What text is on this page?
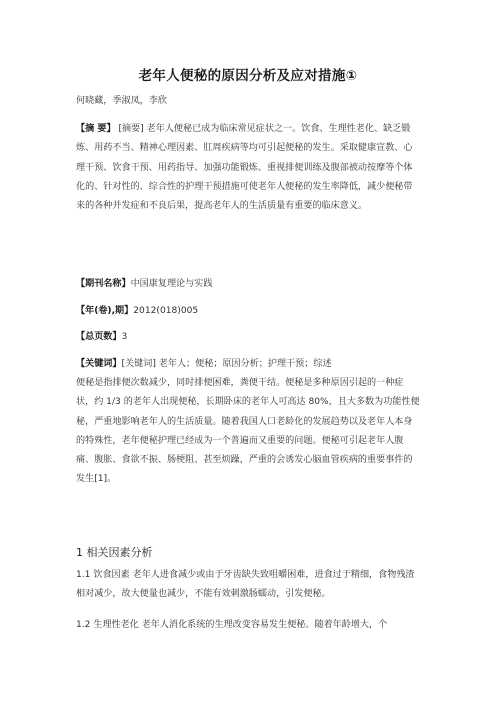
老年人便秘的原因分析及应对措施①

何晓藏，季淑凤，李欣

【摘 要】 [摘要] 老年人便秘已成为临床常见症状之一。饮食、生理性老化、缺乏锻炼、用药不当、精神心理因素、肛周疾病等均可引起便秘的发生。采取健康宣教、心理干预、饮食干预、用药指导、加强功能锻炼、重视排便训练及腹部被动按摩等个体化的、针对性的、综合性的护理干预措施可使老年人便秘的发生率降低，减少便秘带来的各种并发症和不良后果，提高老年人的生活质量有重要的临床意义。

【期刊名称】中国康复理论与实践

【年(卷),期】2012(018)005

【总页数】3

【关键词】[关键词] 老年人；便秘；原因分析；护理干预；综述

便秘是指排便次数减少，同时排便困难，粪便干结。便秘是多种原因引起的一种症状，约 1/3 的老年人出现便秘，长期卧床的老年人可高达 80%，且大多数为功能性便秘，严重地影响老年人的生活质量。随着我国人口老龄化的发展趋势以及老年人本身的特殊性，老年便秘护理已经成为一个普遍而又重要的问题。便秘可引起老年人腹痛、腹胀、食欲不振、肠梗阻、甚至烦躁，严重的会诱发心脑血管疾病的重要事件的发生[1]。

1 相关因素分析

1.1 饮食因素 老年人进食减少或由于牙齿缺失致咀嚼困难，进食过于精细，食物残渣相对减少，故大便量也减少，不能有效刺激肠蠕动，引发便秘。

1.2 生理性老化 老年人消化系统的生理改变容易发生便秘。随着年龄增大，个
